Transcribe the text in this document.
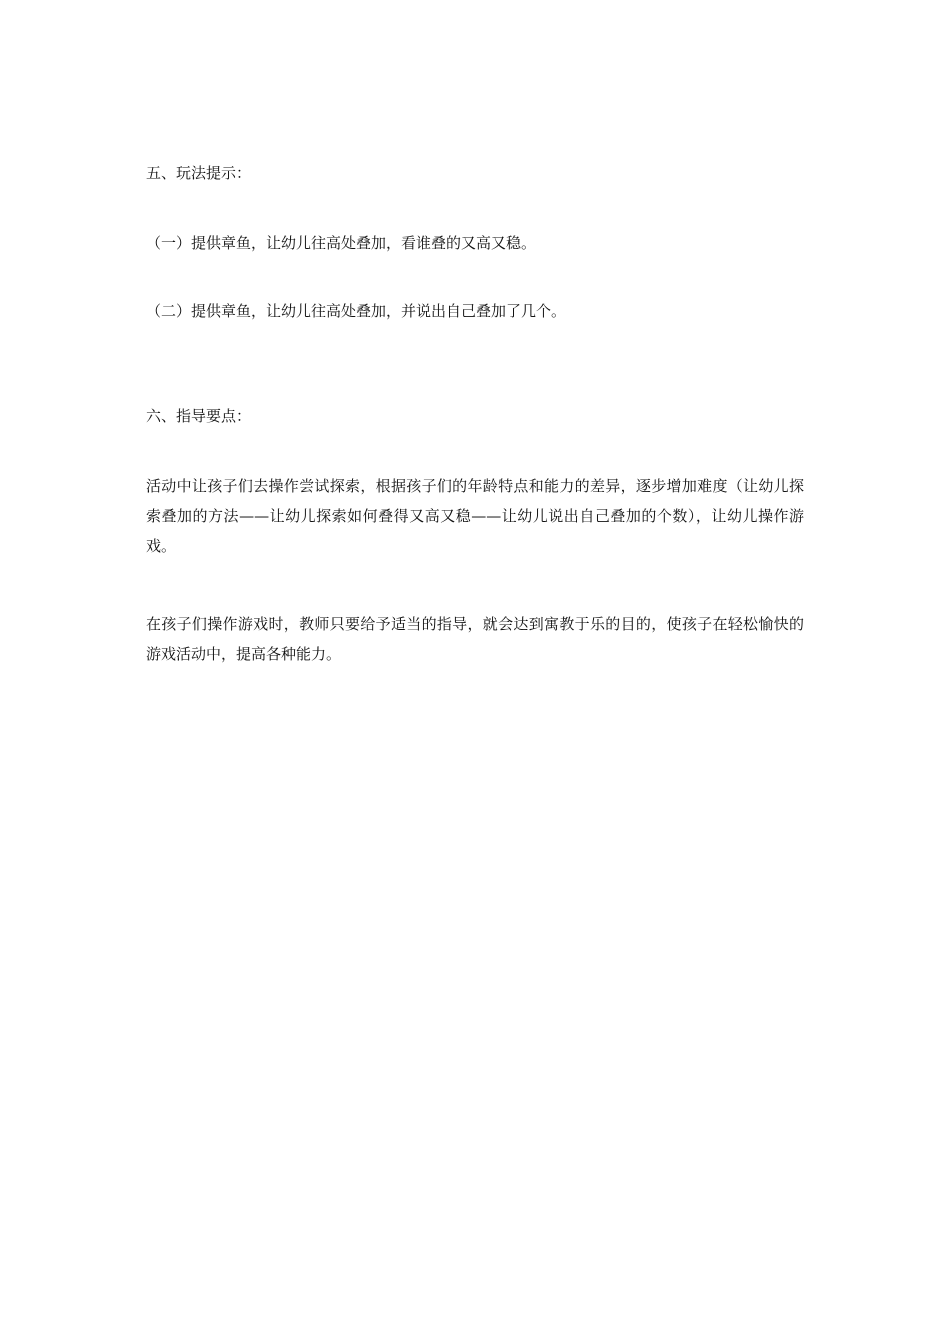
五、玩法提示：
（一）提供章鱼，让幼儿往高处叠加，看谁叠的又高又稳。
（二）提供章鱼，让幼儿往高处叠加，并说出自己叠加了几个。
六、指导要点：
活动中让孩子们去操作尝试探索，根据孩子们的年龄特点和能力的差异，逐步增加难度（让幼儿探索叠加的方法——让幼儿探索如何叠得又高又稳——让幼儿说出自己叠加的个数），让幼儿操作游戏。
在孩子们操作游戏时，教师只要给予适当的指导，就会达到寓教于乐的目的，使孩子在轻松愉快的游戏活动中，提高各种能力。
